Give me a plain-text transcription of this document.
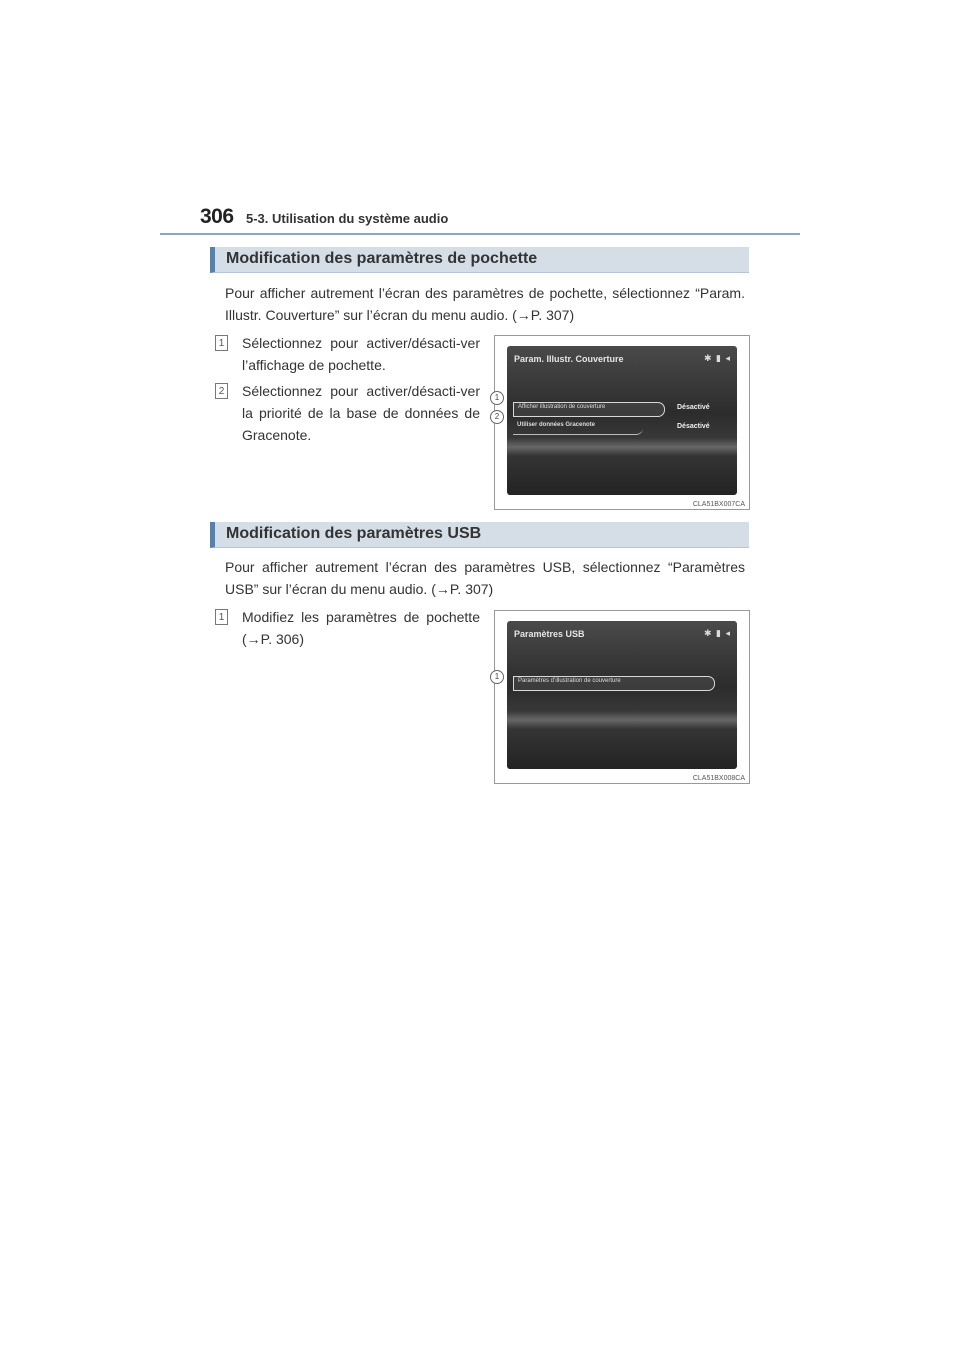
306 5-3. Utilisation du système audio
Modification des paramètres de pochette
Pour afficher autrement l’écran des paramètres de pochette, sélectionnez “Param. Illustr. Couverture” sur l’écran du menu audio. (→P. 307)
1 Sélectionnez pour activer/désacti-ver l’affichage de pochette.
2 Sélectionnez pour activer/désacti-ver la priorité de la base de données de Gracenote.
Param. Illustr. Couverture	✱ ▮ ◂
Afficher illustration de couverture	Désactivé
Utiliser données Gracenote	Désactivé
1
2
CLA51BX007CA
Modification des paramètres USB
Pour afficher autrement l’écran des paramètres USB, sélectionnez “Paramètres USB” sur l’écran du menu audio. (→P. 307)
1 Modifiez les paramètres de pochette (→P. 306)	Paramètres USB	✱ ▮ ◂
Paramètres d’illustration de couverture
1
CLA51BX008CA
